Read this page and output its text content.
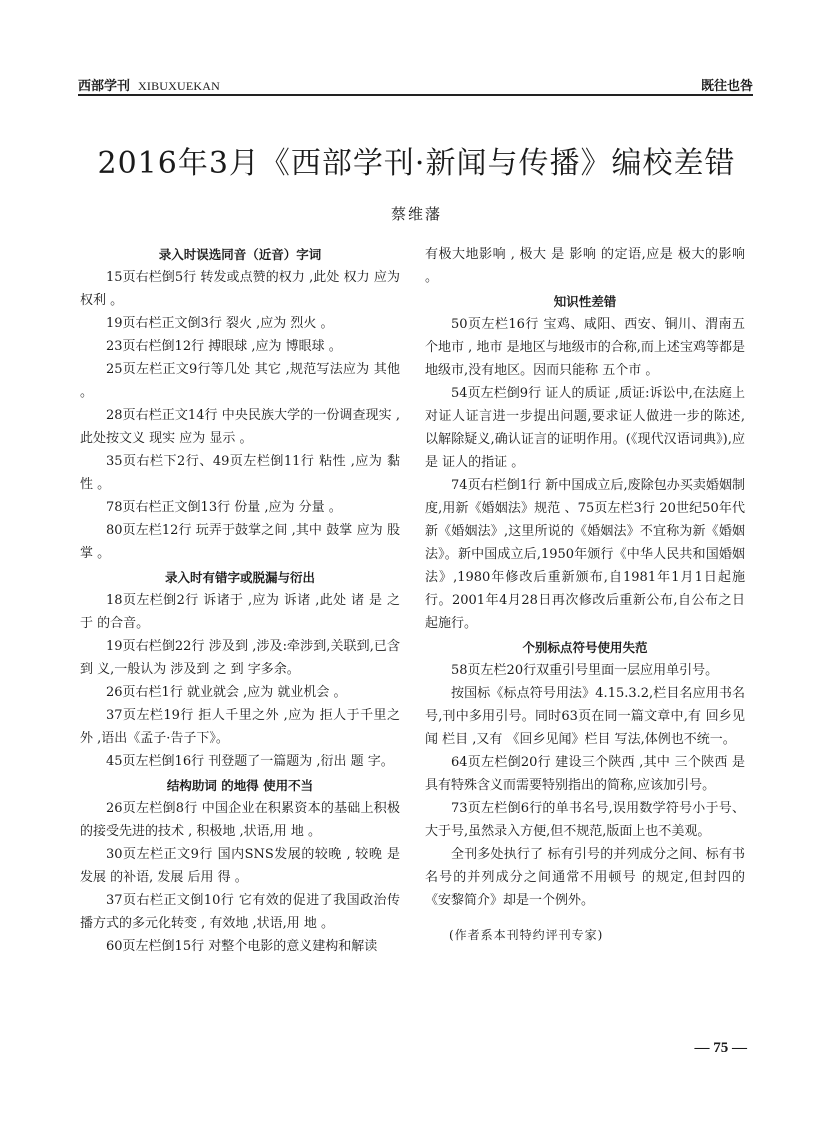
西部学刊 XIBUXUEKAN	既往也咎
2016年3月《西部学刊·新闻与传播》编校差错
蔡维藩
录入时误选同音（近音）字词

15页右栏倒5行 转发或点赞的权力 ,此处 权力 应为 权利 。

19页右栏正文倒3行 裂火 ,应为 烈火 。

23页右栏倒12行 搏眼球 ,应为 博眼球 。

25页左栏正文9行等几处 其它 ,规范写法应为 其他 。

28页右栏正文14行 中央民族大学的一份调查现实 ,此处按文义 现实 应为 显示 。

35页右栏下2行、49页左栏倒11行 粘性 ,应为 黏性 。

78页右栏正文倒13行 份量 ,应为 分量 。

80页左栏12行 玩弄于鼓掌之间 ,其中 鼓掌 应为 股掌 。

录入时有错字或脱漏与衍出

18页左栏倒2行 诉诸于 ,应为 诉诸 ,此处 诸 是 之于 的合音。

19页右栏倒22行 涉及到 ,涉及:牵涉到,关联到,已含 到 义,一般认为 涉及到 之 到 字多余。

26页右栏1行 就业就会 ,应为 就业机会 。

37页左栏19行 拒人千里之外 ,应为 拒人于千里之外 ,语出《孟子·告子下》。

45页左栏倒16行 刊登题了一篇题为 ,衍出 题 字。

结构助词 的地得 使用不当

26页左栏倒8行 中国企业在积累资本的基础上积极的接受先进的技术 , 积极地 ,状语,用 地 。

30页左栏正文9行 国内SNS发展的较晚 , 较晚 是 发展 的补语, 发展 后用 得 。

37页右栏正文倒10行 它有效的促进了我国政治传播方式的多元化转变 , 有效地 ,状语,用 地 。

60页左栏倒15行 对整个电影的意义建构和解读

有极大地影响 , 极大 是 影响 的定语,应是 极大的影响 。

知识性差错

50页左栏16行 宝鸡、咸阳、西安、铜川、渭南五个地市 , 地市 是地区与地级市的合称,而上述宝鸡等都是地级市,没有地区。因而只能称 五个市 。

54页左栏倒9行 证人的质证 ,质证:诉讼中,在法庭上对证人证言进一步提出问题,要求证人做进一步的陈述,以解除疑义,确认证言的证明作用。(《现代汉语词典》),应是 证人的指证 。

74页右栏倒1行 新中国成立后,废除包办买卖婚姻制度,用新《婚姻法》规范 、75页左栏3行 20世纪50年代新《婚姻法》,这里所说的《婚姻法》不宜称为新《婚姻法》。新中国成立后,1950年颁行《中华人民共和国婚姻法》,1980年修改后重新颁布,自1981年1月1日起施行。2001年4月28日再次修改后重新公布,自公布之日起施行。

个别标点符号使用失范

58页左栏20行双重引号里面一层应用单引号。

按国标《标点符号用法》4.15.3.2,栏目名应用书名号,刊中多用引号。同时63页在同一篇文章中,有 回乡见闻 栏目 ,又有 《回乡见闻》栏目 写法,体例也不统一。

64页左栏倒20行 建设三个陕西 ,其中 三个陕西 是具有特殊含义而需要特别指出的简称,应该加引号。

73页左栏倒6行的单书名号,误用数学符号小于号、大于号,虽然录入方便,但不规范,版面上也不美观。

全刊多处执行了 标有引号的并列成分之间、标有书名号的并列成分之间通常不用顿号 的规定,但封四的《安黎简介》却是一个例外。

(作者系本刊特约评刊专家)

— 75 —
